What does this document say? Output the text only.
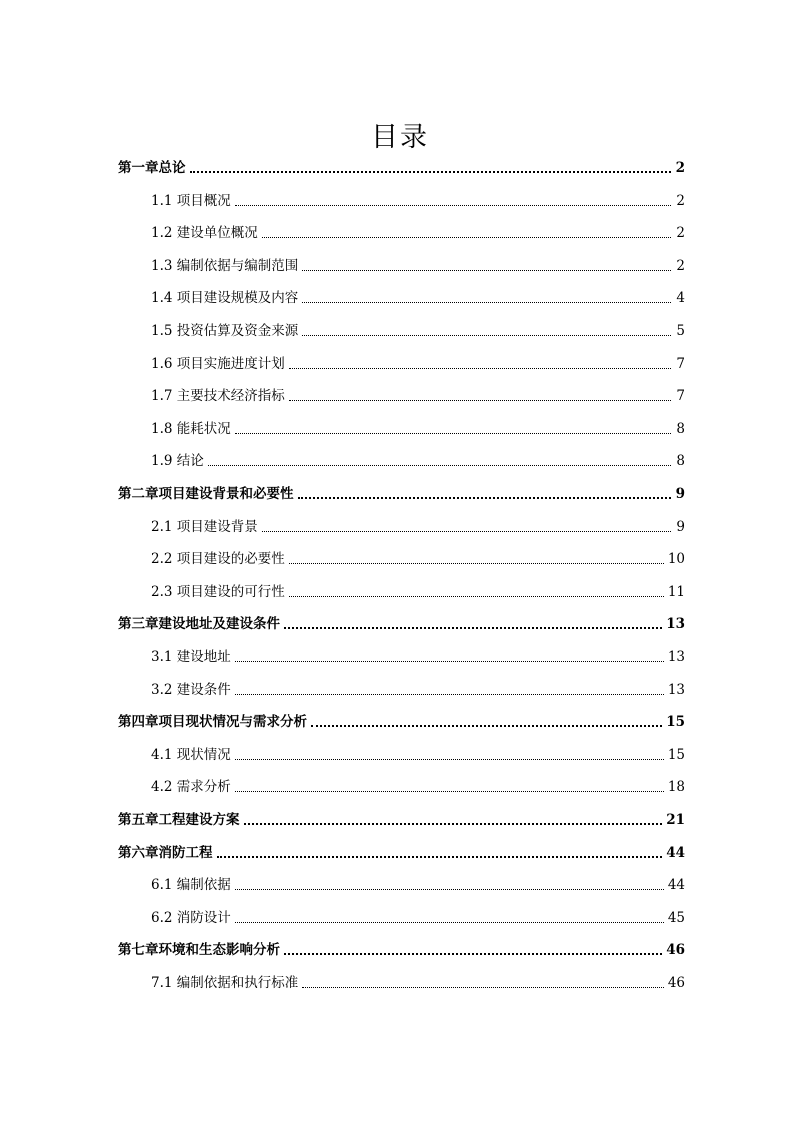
目录
第一章总论	2
1.1 项目概况	2
1.2 建设单位概况	2
1.3 编制依据与编制范围	2
1.4 项目建设规模及内容	4
1.5 投资估算及资金来源	5
1.6 项目实施进度计划	7
1.7 主要技术经济指标	7
1.8 能耗状况	8
1.9 结论	8
第二章项目建设背景和必要性	9
2.1 项目建设背景	9
2.2 项目建设的必要性	10
2.3 项目建设的可行性	11
第三章建设地址及建设条件	13
3.1 建设地址	13
3.2 建设条件	13
第四章项目现状情况与需求分析	15
4.1 现状情况	15
4.2 需求分析	18
第五章工程建设方案	21
第六章消防工程	44
6.1 编制依据	44
6.2 消防设计	45
第七章环境和生态影响分析	46
7.1 编制依据和执行标准	46
